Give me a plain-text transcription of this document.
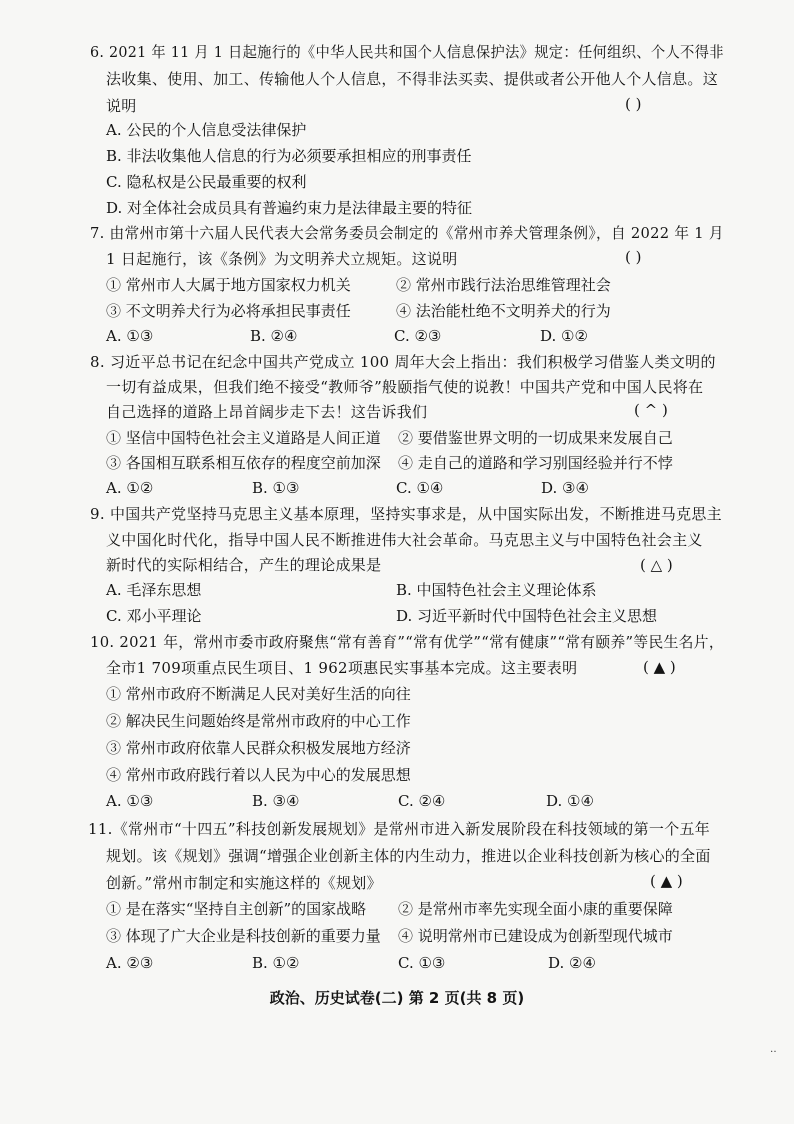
6. 2021 年 11 月 1 日起施行的《中华人民共和国个人信息保护法》规定：任何组织、个人不得非
法收集、使用、加工、传输他人个人信息，不得非法买卖、提供或者公开他人个人信息。这
说明	( )
A. 公民的个人信息受法律保护
B. 非法收集他人信息的行为必须要承担相应的刑事责任
C. 隐私权是公民最重要的权利
D. 对全体社会成员具有普遍约束力是法律最主要的特征
7. 由常州市第十六届人民代表大会常务委员会制定的《常州市养犬管理条例》，自 2022 年 1 月
1 日起施行，该《条例》为文明养犬立规矩。这说明	( )
① 常州市人大属于地方国家权力机关	② 常州市践行法治思维管理社会
③ 不文明养犬行为必将承担民事责任	④ 法治能杜绝不文明养犬的行为
A. ①③	B. ②④	C. ②③	D. ①②
8. 习近平总书记在纪念中国共产党成立 100 周年大会上指出：我们积极学习借鉴人类文明的
一切有益成果，但我们绝不接受“教师爷”般颐指气使的说教！中国共产党和中国人民将在
自己选择的道路上昂首阔步走下去！这告诉我们	( ^ )
① 坚信中国特色社会主义道路是人间正道 ② 要借鉴世界文明的一切成果来发展自己
③ 各国相互联系相互依存的程度空前加深 ④ 走自己的道路和学习别国经验并行不悖
A. ①②	B. ①③	C. ①④	D. ③④
9. 中国共产党坚持马克思主义基本原理，坚持实事求是，从中国实际出发，不断推进马克思主
义中国化时代化，指导中国人民不断推进伟大社会革命。马克思主义与中国特色社会主义
新时代的实际相结合，产生的理论成果是	( △ )
A. 毛泽东思想	B. 中国特色社会主义理论体系
C. 邓小平理论	D. 习近平新时代中国特色社会主义思想
10. 2021 年，常州市委市政府聚焦“常有善育”“常有优学”“常有健康”“常有颐养”等民生名片，
全市1 709项重点民生项目、1 962项惠民实事基本完成。这主要表明	( ▲ )
① 常州市政府不断满足人民对美好生活的向往
② 解决民生问题始终是常州市政府的中心工作
③ 常州市政府依靠人民群众积极发展地方经济
④ 常州市政府践行着以人民为中心的发展思想
A. ①③	B. ③④	C. ②④	D. ①④
11.《常州市“十四五”科技创新发展规划》是常州市进入新发展阶段在科技领域的第一个五年
规划。该《规划》强调“增强企业创新主体的内生动力，推进以企业科技创新为核心的全面
创新。”常州市制定和实施这样的《规划》	( ▲ )
① 是在落实“坚持自主创新”的国家战略 ② 是常州市率先实现全面小康的重要保障
③ 体现了广大企业是科技创新的重要力量 ④ 说明常州市已建设成为创新型现代城市
A. ②③	B. ①②	C. ①③	D. ②④
政治、历史试卷(二) 第 2 页(共 8 页)
‥
